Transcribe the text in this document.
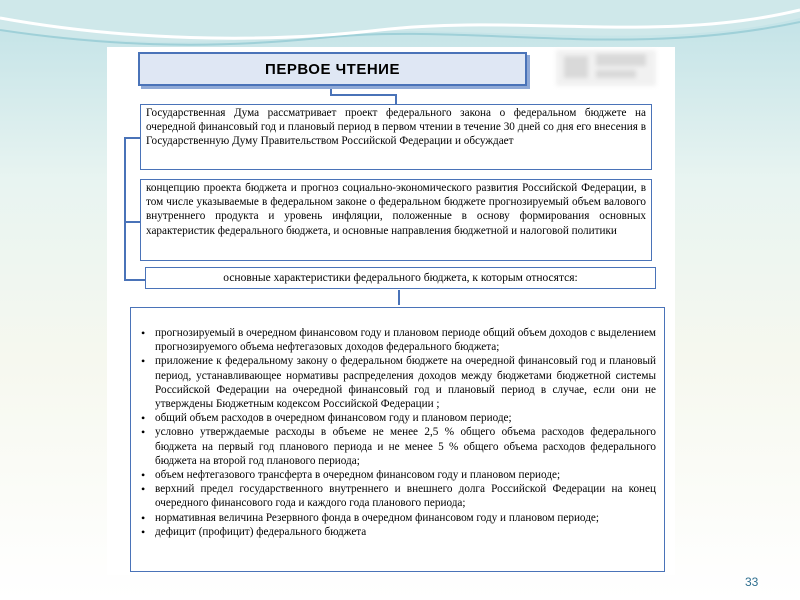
ПЕРВОЕ ЧТЕНИЕ
Государственная Дума рассматривает проект федерального закона о федеральном бюджете на очередной финансовый год и плановый период в первом чтении в течение 30 дней со дня его внесения в Государственную Думу Правительством Российской Федерации и обсуждает
концепцию проекта бюджета и прогноз социально-экономического развития Российской Федерации, в том числе указываемые в федеральном законе о федеральном бюджете прогнозируемый объем валового внутреннего продукта и уровень инфляции, положенные в основу формирования основных характеристик федерального бюджета, и основные направления бюджетной и налоговой политики
основные характеристики федерального бюджета, к которым относятся:
• прогнозируемый в очередном финансовом году и плановом периоде общий объем доходов с выделением прогнозируемого объема нефтегазовых доходов федерального бюджета;
• приложение к федеральному закону о федеральном бюджете на очередной финансовый год и плановый период, устанавливающее нормативы распределения доходов между бюджетами бюджетной системы Российской Федерации на очередной финансовый год и плановый период в случае, если они не утверждены Бюджетным кодексом Российской Федерации ;
• общий объем расходов в очередном финансовом году и плановом периоде;
• условно утверждаемые расходы в объеме не менее 2,5 % общего объема расходов федерального бюджета на первый год планового периода и не менее 5 % общего объема расходов федерального бюджета на второй год планового периода;
• объем нефтегазового трансферта в очередном финансовом году и плановом периоде;
• верхний предел государственного внутреннего и внешнего долга Российской Федерации на конец очередного финансового года и каждого года планового периода;
• нормативная величина Резервного фонда в очередном финансовом году и плановом периоде;
• дефицит (профицит) федерального бюджета
33
